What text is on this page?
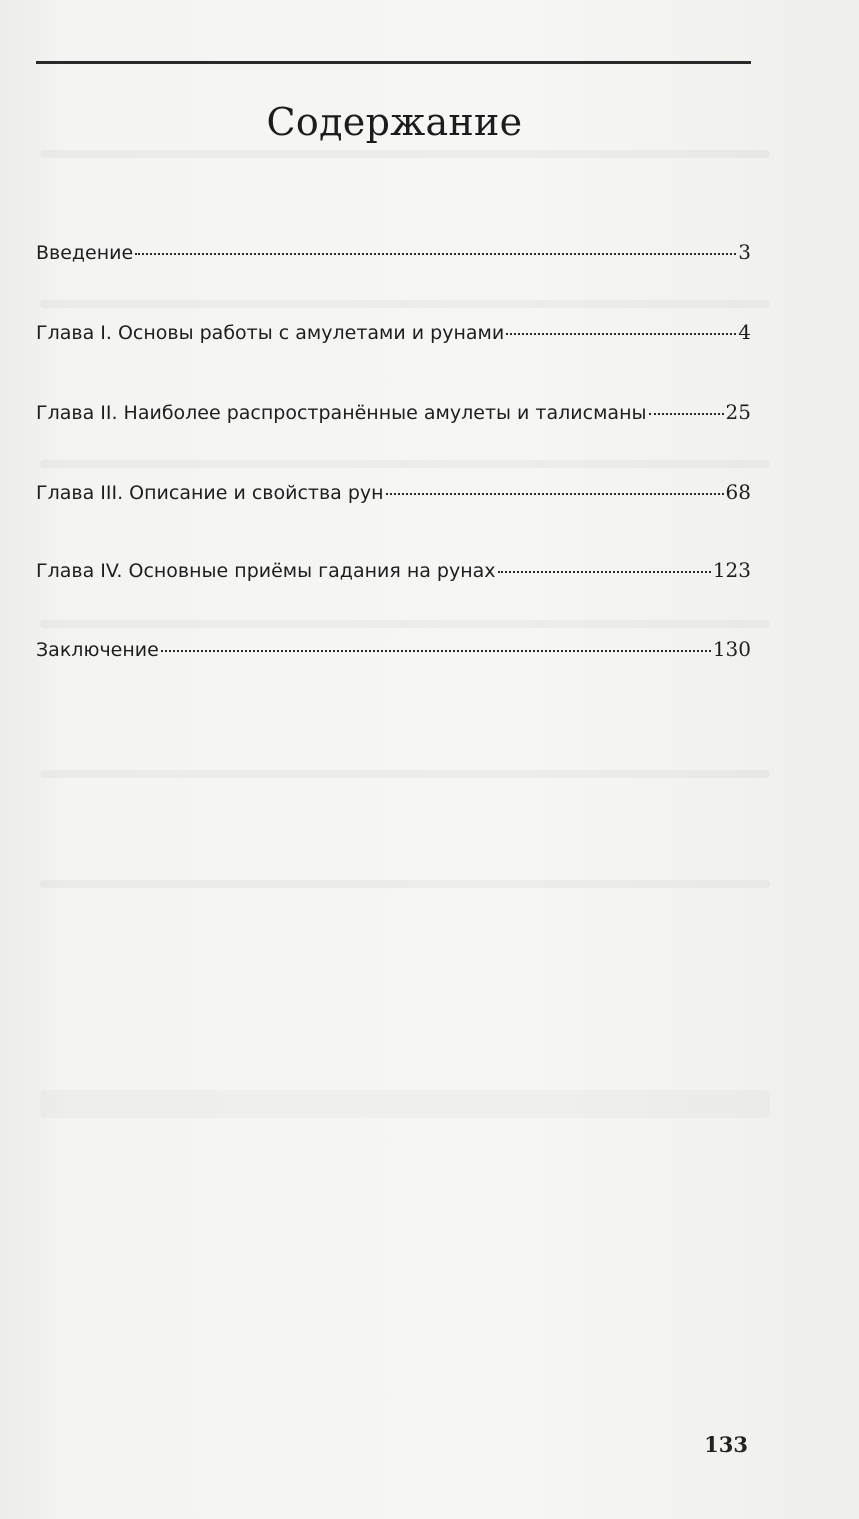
Содержание
Введение	3
Глава I. Основы работы с амулетами и рунами	4
Глава II. Наиболее распространённые амулеты и талисманы	25
Глава III. Описание и свойства рун	68
Глава IV. Основные приёмы гадания на рунах	123
Заключение	130
133
